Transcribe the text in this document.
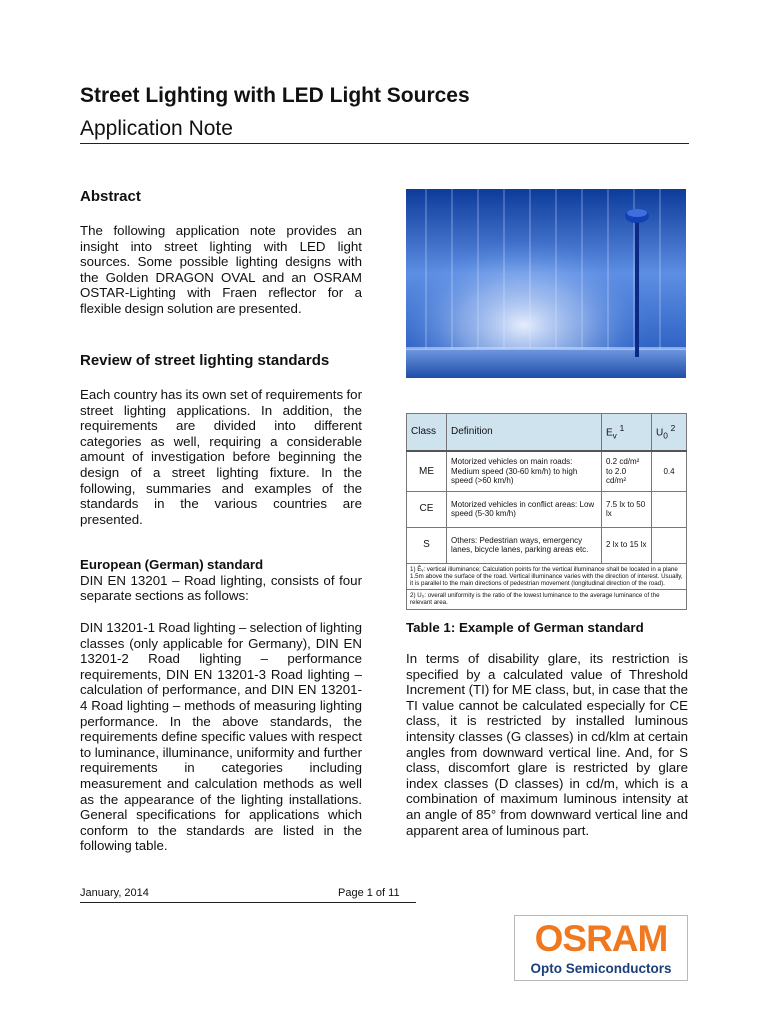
Street Lighting with LED Light Sources
Application Note
Abstract

The following application note provides an insight into street lighting with LED light sources. Some possible lighting designs with the Golden DRAGON OVAL and an OSRAM OSTAR-Lighting with Fraen reflector for a flexible design solution are presented.

Review of street lighting standards

Each country has its own set of requirements for street lighting applications. In addition, the requirements are divided into different categories as well, requiring a considerable amount of investigation before beginning the design of a street lighting fixture. In the following, summaries and examples of the standards in the various countries are presented.

European (German) standard
DIN EN 13201 – Road lighting, consists of four separate sections as follows:

DIN 13201-1 Road lighting – selection of lighting classes (only applicable for Germany), DIN EN 13201-2 Road lighting – performance requirements, DIN EN 13201-3 Road lighting – calculation of performance, and DIN EN 13201-4 Road lighting – methods of measuring lighting performance. In the above standards, the requirements define specific values with respect to luminance, illuminance, uniformity and further requirements in categories including measurement and calculation methods as well as the appearance of the lighting installations. General specifications for applications which conform to the standards are listed in the following table.

Class	Definition	$E_v$ $^1$	$U_0$ $^2$
ME	Motorized vehicles on main roads: Medium speed (30-60 km/h) to high speed (>60 km/h)	0.2 cd/m² to 2.0 cd/m²	0.4
CE	Motorized vehicles in conflict areas: Low speed (5-30 km/h)	7.5 lx to 50 lx	
S	Others: Pedestrian ways, emergency lanes, bicycle lanes, parking areas etc.	2 lx to 15 lx	
1) Ēᵥ: vertical illuminance; Calculation points for the vertical illuminance shall be located in a plane 1.5m above the surface of the road. Vertical illuminance varies with the direction of interest. Usually, it is parallel to the main directions of pedestrian movement (longitudinal direction of the road).			
2) U₀: overall uniformity is the ratio of the lowest luminance to the average luminance of the relevant area.			
Table 1: Example of German standard

In terms of disability glare, its restriction is specified by a calculated value of Threshold Increment (TI) for ME class, but, in case that the TI value cannot be calculated especially for CE class, it is restricted by installed luminous intensity classes (G classes) in cd/klm at certain angles from downward vertical line. And, for S class, discomfort glare is restricted by glare index classes (D classes) in cd/m, which is a combination of maximum luminous intensity at an angle of 85° from downward vertical line and apparent area of luminous part.

January, 2014	Page 1 of 11
OSRAM
Opto Semiconductors
